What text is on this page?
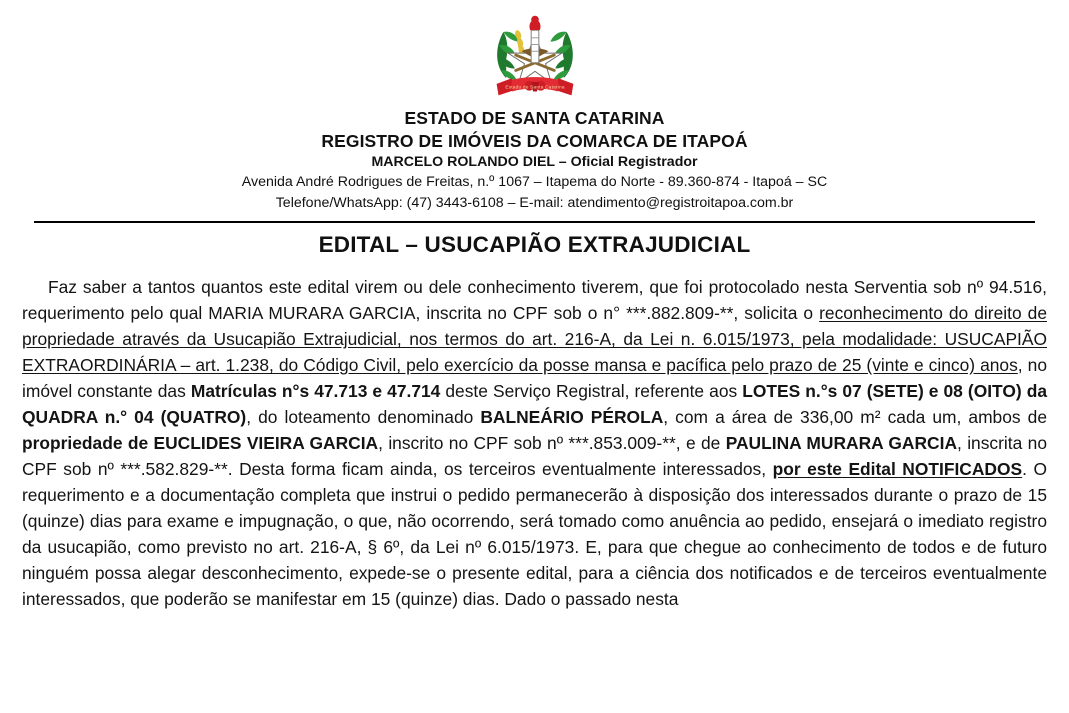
Estado de Santa Catarina
ESTADO DE SANTA CATARINA
REGISTRO DE IMÓVEIS DA COMARCA DE ITAPOÁ
MARCELO ROLANDO DIEL – Oficial Registrador
Avenida André Rodrigues de Freitas, n.º 1067 – Itapema do Norte - 89.360-874 - Itapoá – SC
Telefone/WhatsApp: (47) 3443-6108 – E-mail: atendimento@registroitapoa.com.br
EDITAL – USUCAPIÃO EXTRAJUDICIAL

Faz saber a tantos quantos este edital virem ou dele conhecimento tiverem, que foi protocolado nesta Serventia sob nº 94.516, requerimento pelo qual MARIA MURARA GARCIA, inscrita no CPF sob o n° ***.882.809-**, solicita o reconhecimento do direito de propriedade através da Usucapião Extrajudicial, nos termos do art. 216-A, da Lei n. 6.015/1973, pela modalidade: USUCAPIÃO EXTRAORDINÁRIA – art. 1.238, do Código Civil, pelo exercício da posse mansa e pacífica pelo prazo de 25 (vinte e cinco) anos, no imóvel constante das Matrículas n°s 47.713 e 47.714 deste Serviço Registral, referente aos LOTES n.°s 07 (SETE) e 08 (OITO) da QUADRA n.° 04 (QUATRO), do loteamento denominado BALNEÁRIO PÉROLA, com a área de 336,00 m² cada um, ambos de propriedade de EUCLIDES VIEIRA GARCIA, inscrito no CPF sob nº ***.853.009-**, e de PAULINA MURARA GARCIA, inscrita no CPF sob nº ***.582.829-**. Desta forma ficam ainda, os terceiros eventualmente interessados, por este Edital NOTIFICADOS. O requerimento e a documentação completa que instrui o pedido permanecerão à disposição dos interessados durante o prazo de 15 (quinze) dias para exame e impugnação, o que, não ocorrendo, será tomado como anuência ao pedido, ensejará o imediato registro da usucapião, como previsto no art. 216-A, § 6º, da Lei nº 6.015/1973. E, para que chegue ao conhecimento de todos e de futuro ninguém possa alegar desconhecimento, expede-se o presente edital, para a ciência dos notificados e de terceiros eventualmente interessados, que poderão se manifestar em 15 (quinze) dias. Dado o passado nesta
